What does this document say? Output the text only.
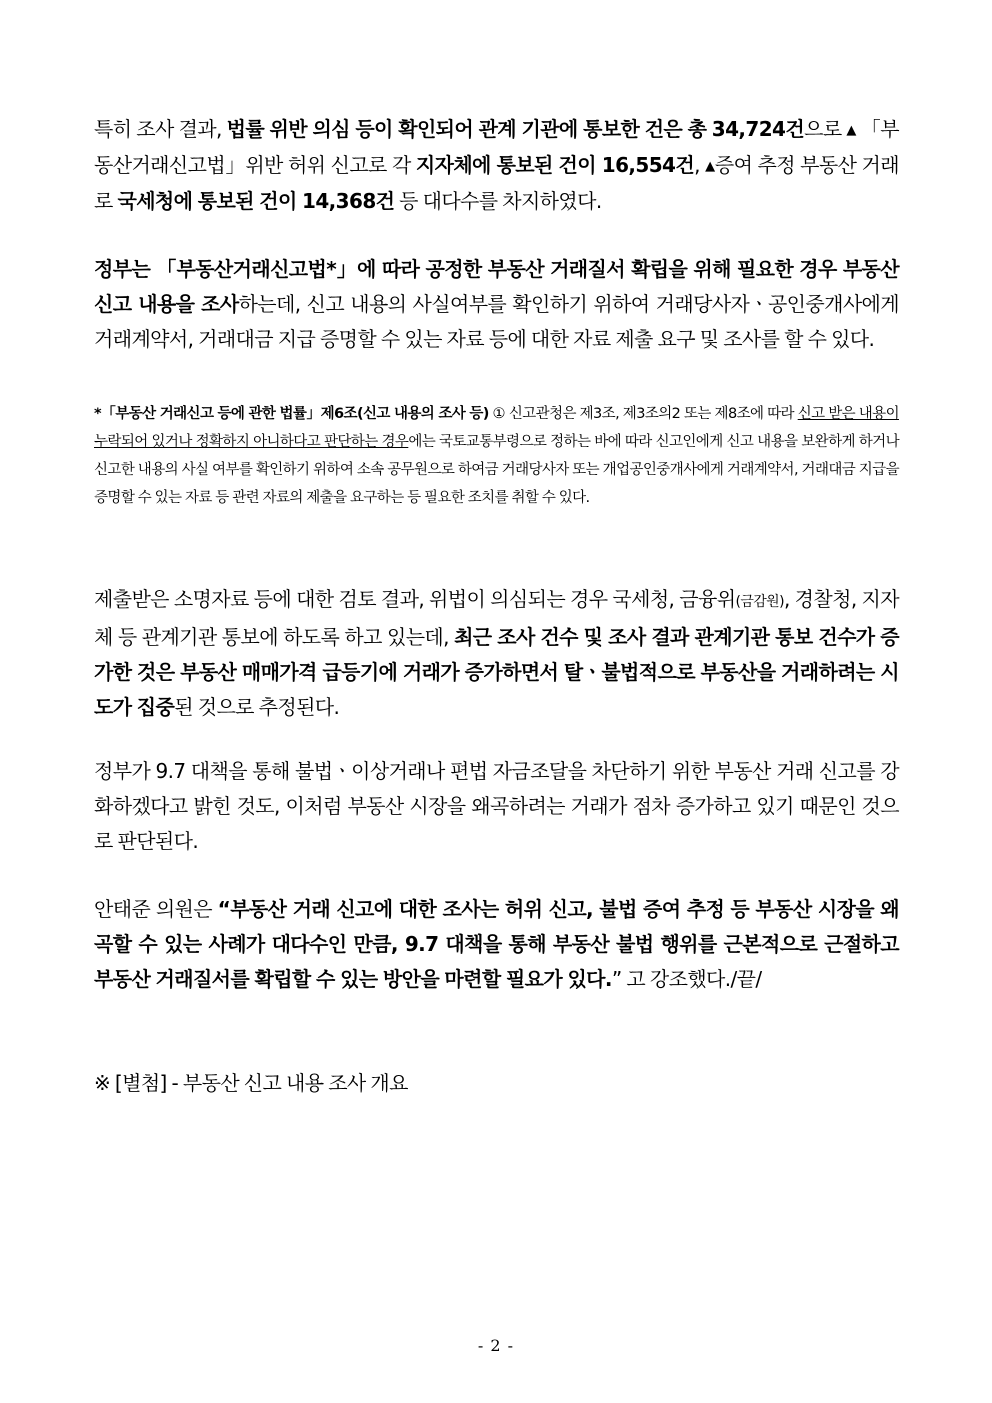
특히 조사 결과, 법률 위반 의심 등이 확인되어 관계 기관에 통보한 건은 총 34,724건으로 ▲ 「부동산거래신고법」위반 허위 신고로 각 지자체에 통보된 건이 16,554건, ▲증여 추정 부동산 거래로 국세청에 통보된 건이 14,368건 등 대다수를 차지하였다.

정부는 「부동산거래신고법*」에 따라 공정한 부동산 거래질서 확립을 위해 필요한 경우 부동산 신고 내용을 조사하는데, 신고 내용의 사실여부를 확인하기 위하여 거래당사자ㆍ공인중개사에게 거래계약서, 거래대금 지급 증명할 수 있는 자료 등에 대한 자료 제출 요구 및 조사를 할 수 있다.

*「부동산 거래신고 등에 관한 법률」제6조(신고 내용의 조사 등) ① 신고관청은 제3조, 제3조의2 또는 제8조에 따라 신고 받은 내용이 누락되어 있거나 정확하지 아니하다고 판단하는 경우에는 국토교통부령으로 정하는 바에 따라 신고인에게 신고 내용을 보완하게 하거나 신고한 내용의 사실 여부를 확인하기 위하여 소속 공무원으로 하여금 거래당사자 또는 개업공인중개사에게 거래계약서, 거래대금 지급을 증명할 수 있는 자료 등 관련 자료의 제출을 요구하는 등 필요한 조치를 취할 수 있다.

제출받은 소명자료 등에 대한 검토 결과, 위법이 의심되는 경우 국세청, 금융위(금감원), 경찰청, 지자체 등 관계기관 통보에 하도록 하고 있는데, 최근 조사 건수 및 조사 결과 관계기관 통보 건수가 증가한 것은 부동산 매매가격 급등기에 거래가 증가하면서 탈ㆍ불법적으로 부동산을 거래하려는 시도가 집중된 것으로 추정된다.

정부가 9.7 대책을 통해 불법ㆍ이상거래나 편법 자금조달을 차단하기 위한 부동산 거래 신고를 강화하겠다고 밝힌 것도, 이처럼 부동산 시장을 왜곡하려는 거래가 점차 증가하고 있기 때문인 것으로 판단된다.

안태준 의원은 “부동산 거래 신고에 대한 조사는 허위 신고, 불법 증여 추정 등 부동산 시장을 왜곡할 수 있는 사례가 대다수인 만큼, 9.7 대책을 통해 부동산 불법 행위를 근본적으로 근절하고 부동산 거래질서를 확립할 수 있는 방안을 마련할 필요가 있다.” 고 강조했다./끝/

※ [별첨] - 부동산 신고 내용 조사 개요

- 2 -
